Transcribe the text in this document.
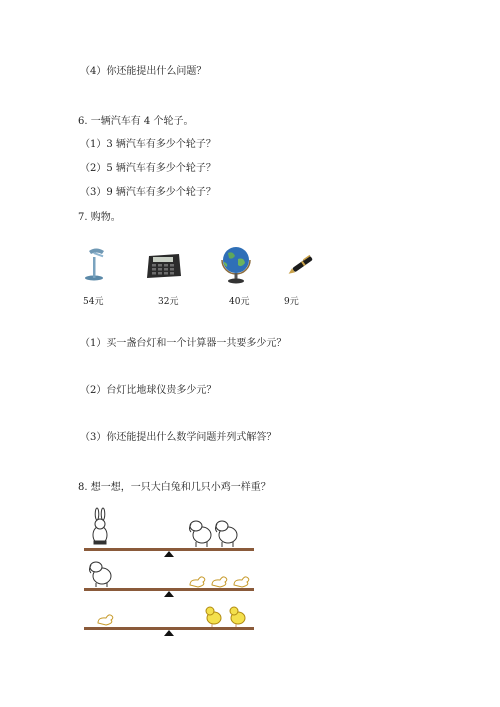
（4）你还能提出什么问题？
6. 一辆汽车有 4 个轮子。
（1）3 辆汽车有多少个轮子？
（2）5 辆汽车有多少个轮子？
（3）9 辆汽车有多少个轮子？
7. 购物。
54元	32元	40元	9元
（1）买一盏台灯和一个计算器一共要多少元？
（2）台灯比地球仪贵多少元？
（3）你还能提出什么数学问题并列式解答？
8. 想一想，一只大白兔和几只小鸡一样重？
